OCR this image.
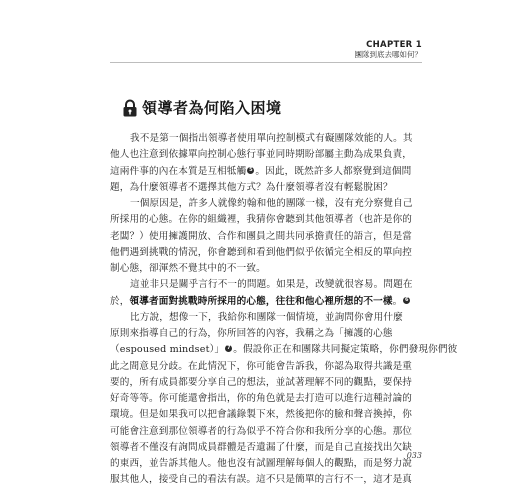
CHAPTER 1
團隊到底去哪如何？
領導者為何陷入困境
我不是第一個指出領導者使用單向控制模式有礙團隊效能的人。其
他人也注意到依據單向控制心態行事並同時期盼部屬主動為成果負責，
這兩件事的內在本質是互相牴觸 5 。因此，既然許多人都察覺到這個問
題，為什麼領導者不選擇其他方式？為什麼領導者沒有輕鬆脫困？
一個原因是，許多人就像約翰和他的團隊一樣，沒有充分察覺自己
所採用的心態。在你的組織裡，我猜你會聽到其他領導者（也許是你的
老闆？）使用擁護開放、合作和團員之間共同承擔責任的語言，但是當
他們遇到挑戰的情況，你會聽到和看到他們似乎依循完全相反的單向控
制心態，卻渾然不覺其中的不一致。
這並非只是關乎言行不一的問題。如果是，改變就很容易。問題在
於，領導者面對挑戰時所採用的心態，往往和他心裡所想的不一樣。 6
比方說，想像一下，我給你和團隊一個情境，並詢問你會用什麼
原則來指導自己的行為，你所回答的內容，我稱之為「擁護的心態
（espoused mindset）」 7 。假設你正在和團隊共同擬定策略，你們發現你們彼
此之間意見分歧。在此情況下，你可能會告訴我，你認為取得共識是重
要的，所有成員都要分享自己的想法，並試著理解不同的觀點，要保持
好奇等等。你可能還會指出，你的角色就是去打造可以進行這種討論的
環境。但是如果我可以把會議錄製下來，然後把你的臉和聲音換掉，你
可能會注意到那位領導者的行為似乎不符合你和我所分享的心態。那位
領導者不僅沒有詢問成員群體是否遺漏了什麼，而是自己直接找出欠缺
的東西，並告訴其他人。他也沒有試圖理解每個人的觀點，而是努力說
服其他人，接受自己的看法有誤。這不只是簡單的言行不一，這才是真
033
